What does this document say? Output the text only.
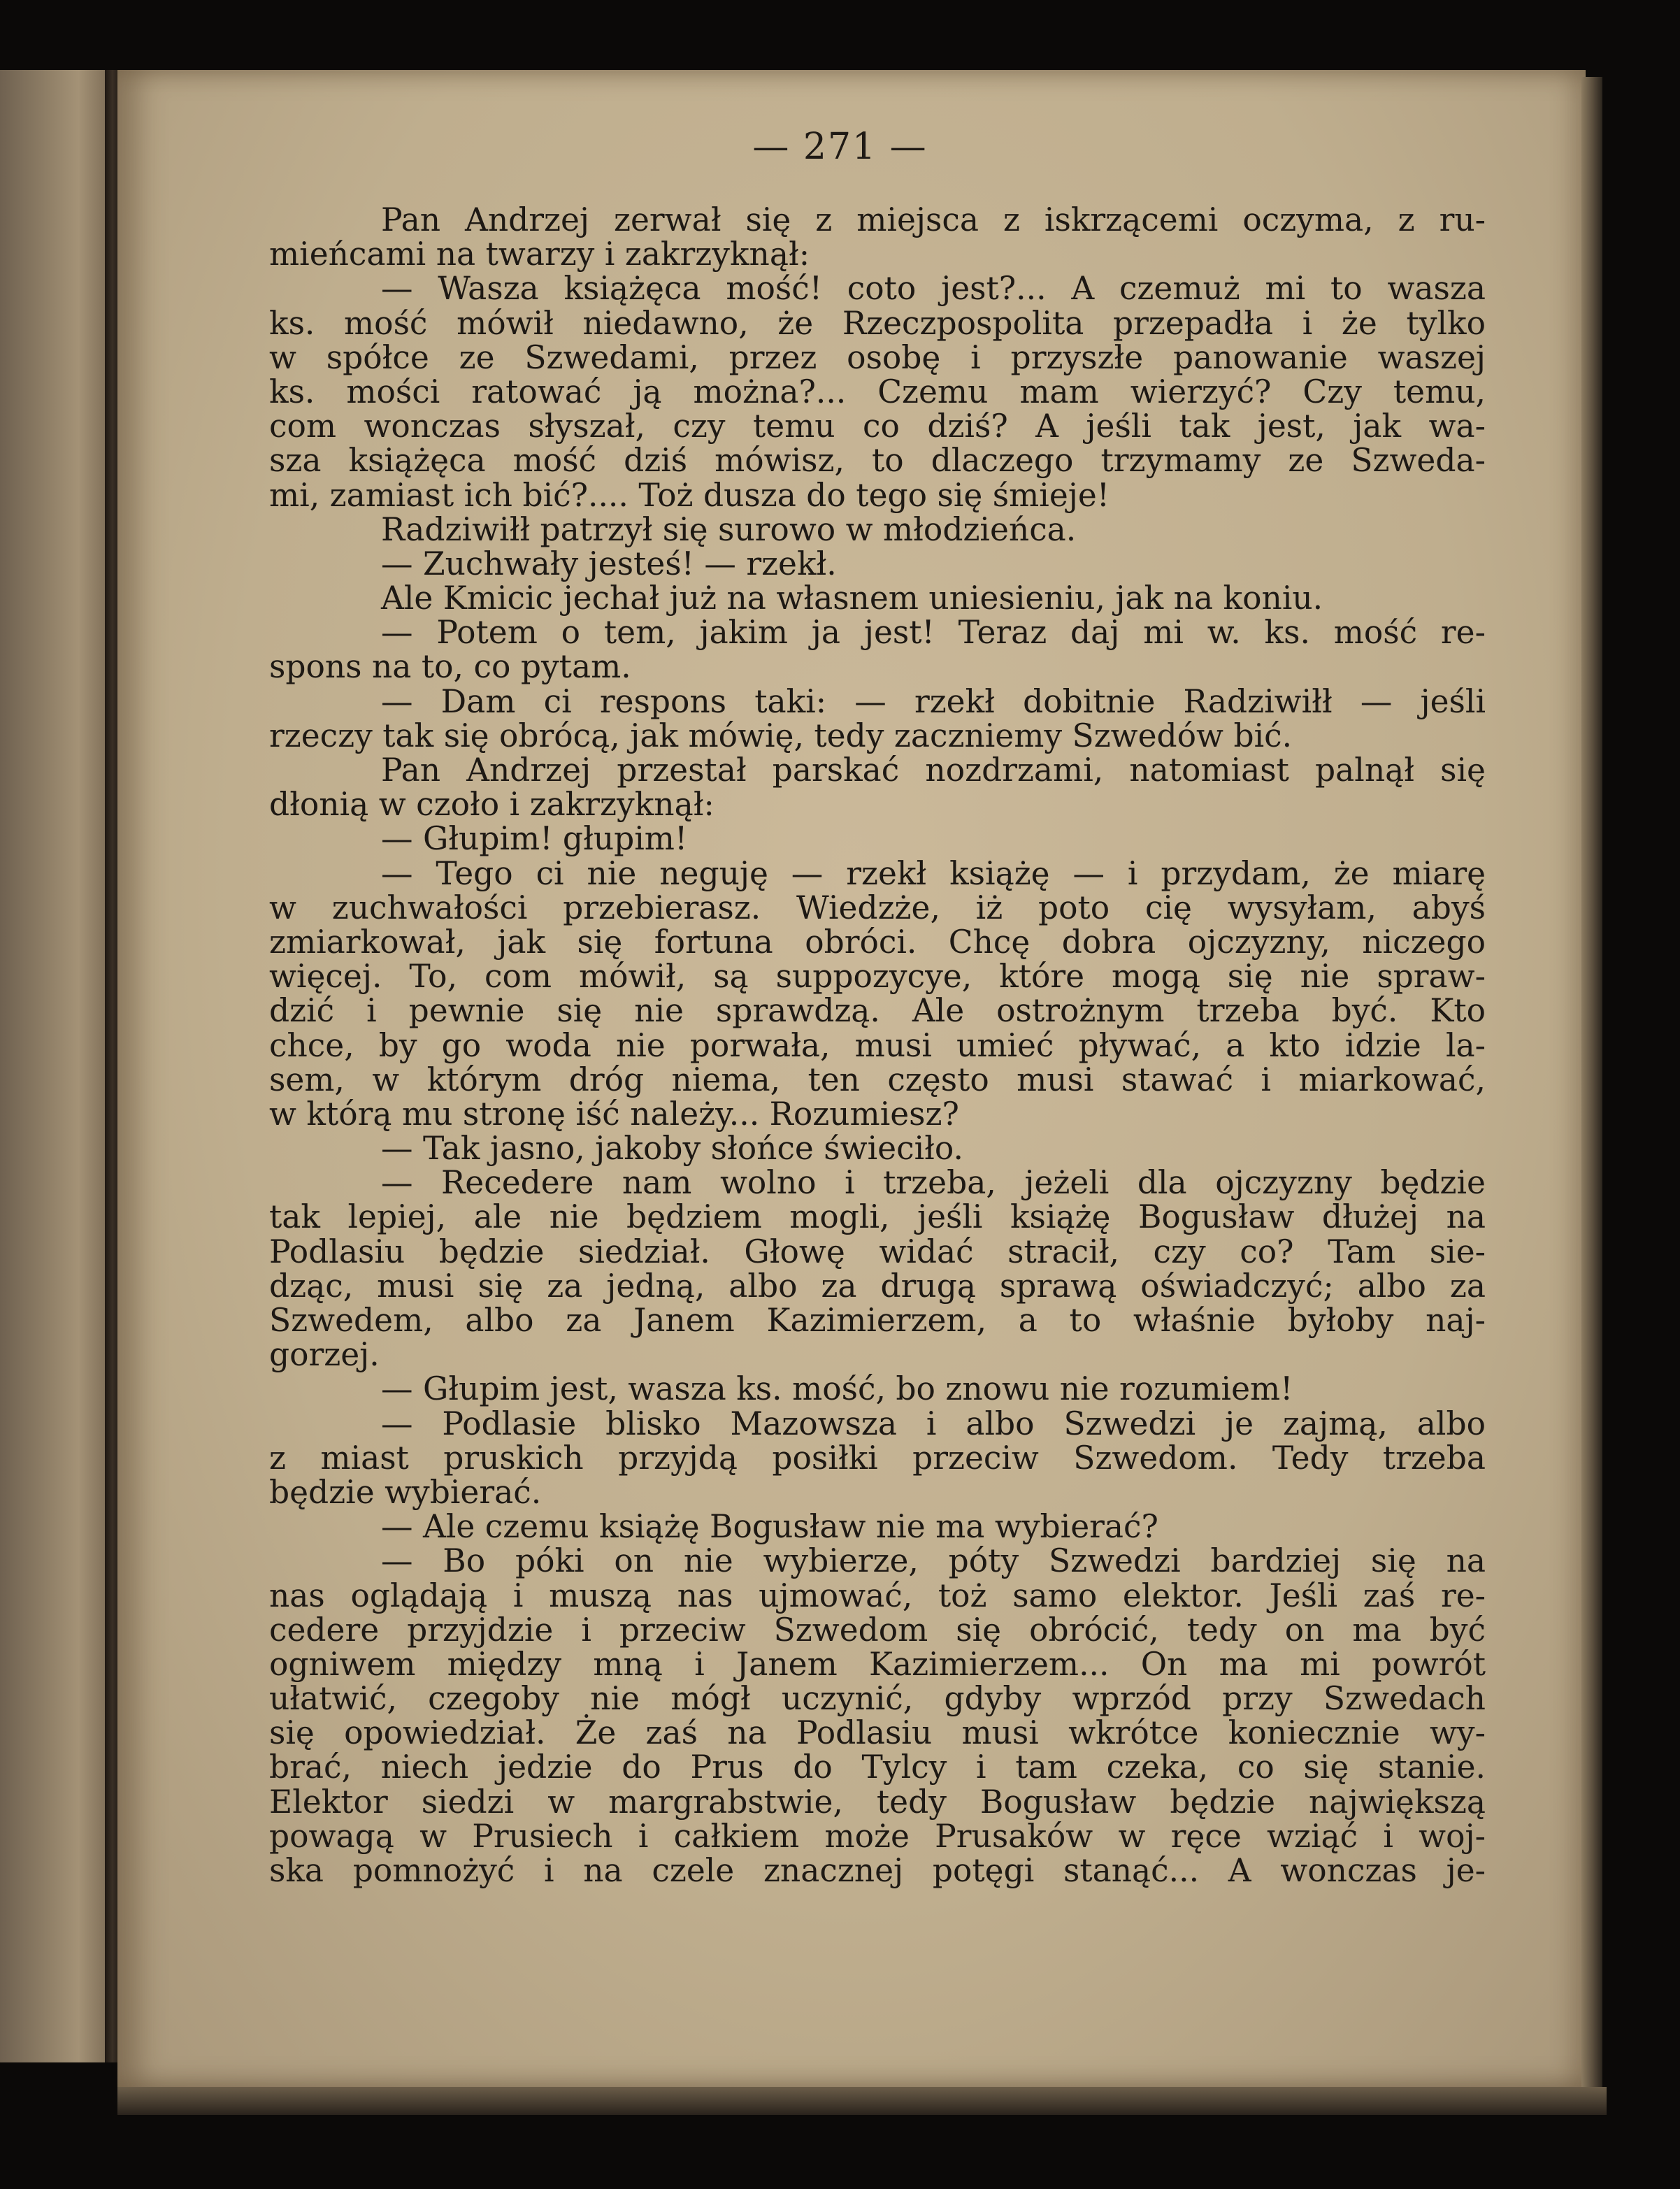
— 271 —
Pan Andrzej zerwał się z miejsca z iskrzącemi oczyma, z ru-
mieńcami na twarzy i zakrzyknął:
— Wasza książęca mość! coto jest?... A czemuż mi to wasza
ks. mość mówił niedawno, że Rzeczpospolita przepadła i że tylko
w spółce ze Szwedami, przez osobę i przyszłe panowanie waszej
ks. mości ratować ją można?... Czemu mam wierzyć? Czy temu,
com wonczas słyszał, czy temu co dziś? A jeśli tak jest, jak wa-
sza książęca mość dziś mówisz, to dlaczego trzymamy ze Szweda-
mi, zamiast ich bić?.... Toż dusza do tego się śmieje!
Radziwiłł patrzył się surowo w młodzieńca.
— Zuchwały jesteś! — rzekł.
Ale Kmicic jechał już na własnem uniesieniu, jak na koniu.
— Potem o tem, jakim ja jest! Teraz daj mi w. ks. mość re-
spons na to, co pytam.
— Dam ci respons taki: — rzekł dobitnie Radziwiłł — jeśli
rzeczy tak się obrócą, jak mówię, tedy zaczniemy Szwedów bić.
Pan Andrzej przestał parskać nozdrzami, natomiast palnął się
dłonią w czoło i zakrzyknął:
— Głupim! głupim!
— Tego ci nie neguję — rzekł książę — i przydam, że miarę
w zuchwałości przebierasz. Wiedzże, iż poto cię wysyłam, abyś
zmiarkował, jak się fortuna obróci. Chcę dobra ojczyzny, niczego
więcej. To, com mówił, są suppozycye, które mogą się nie spraw-
dzić i pewnie się nie sprawdzą. Ale ostrożnym trzeba być. Kto
chce, by go woda nie porwała, musi umieć pływać, a kto idzie la-
sem, w którym dróg niema, ten często musi stawać i miarkować,
w którą mu stronę iść należy... Rozumiesz?
— Tak jasno, jakoby słońce świeciło.
— Recedere nam wolno i trzeba, jeżeli dla ojczyzny będzie
tak lepiej, ale nie będziem mogli, jeśli książę Bogusław dłużej na
Podlasiu będzie siedział. Głowę widać stracił, czy co? Tam sie-
dząc, musi się za jedną, albo za drugą sprawą oświadczyć; albo za
Szwedem, albo za Janem Kazimierzem, a to właśnie byłoby naj-
gorzej.
— Głupim jest, wasza ks. mość, bo znowu nie rozumiem!
— Podlasie blisko Mazowsza i albo Szwedzi je zajmą, albo
z miast pruskich przyjdą posiłki przeciw Szwedom. Tedy trzeba
będzie wybierać.
— Ale czemu książę Bogusław nie ma wybierać?
— Bo póki on nie wybierze, póty Szwedzi bardziej się na
nas oglądają i muszą nas ujmować, toż samo elektor. Jeśli zaś re-
cedere przyjdzie i przeciw Szwedom się obrócić, tedy on ma być
ogniwem między mną i Janem Kazimierzem... On ma mi powrót
ułatwić, czegoby nie mógł uczynić, gdyby wprzód przy Szwedach
się opowiedział. Że zaś na Podlasiu musi wkrótce koniecznie wy-
brać, niech jedzie do Prus do Tylcy i tam czeka, co się stanie.
Elektor siedzi w margrabstwie, tedy Bogusław będzie największą
powagą w Prusiech i całkiem może Prusaków w ręce wziąć i woj-
ska pomnożyć i na czele znacznej potęgi stanąć... A wonczas je-
